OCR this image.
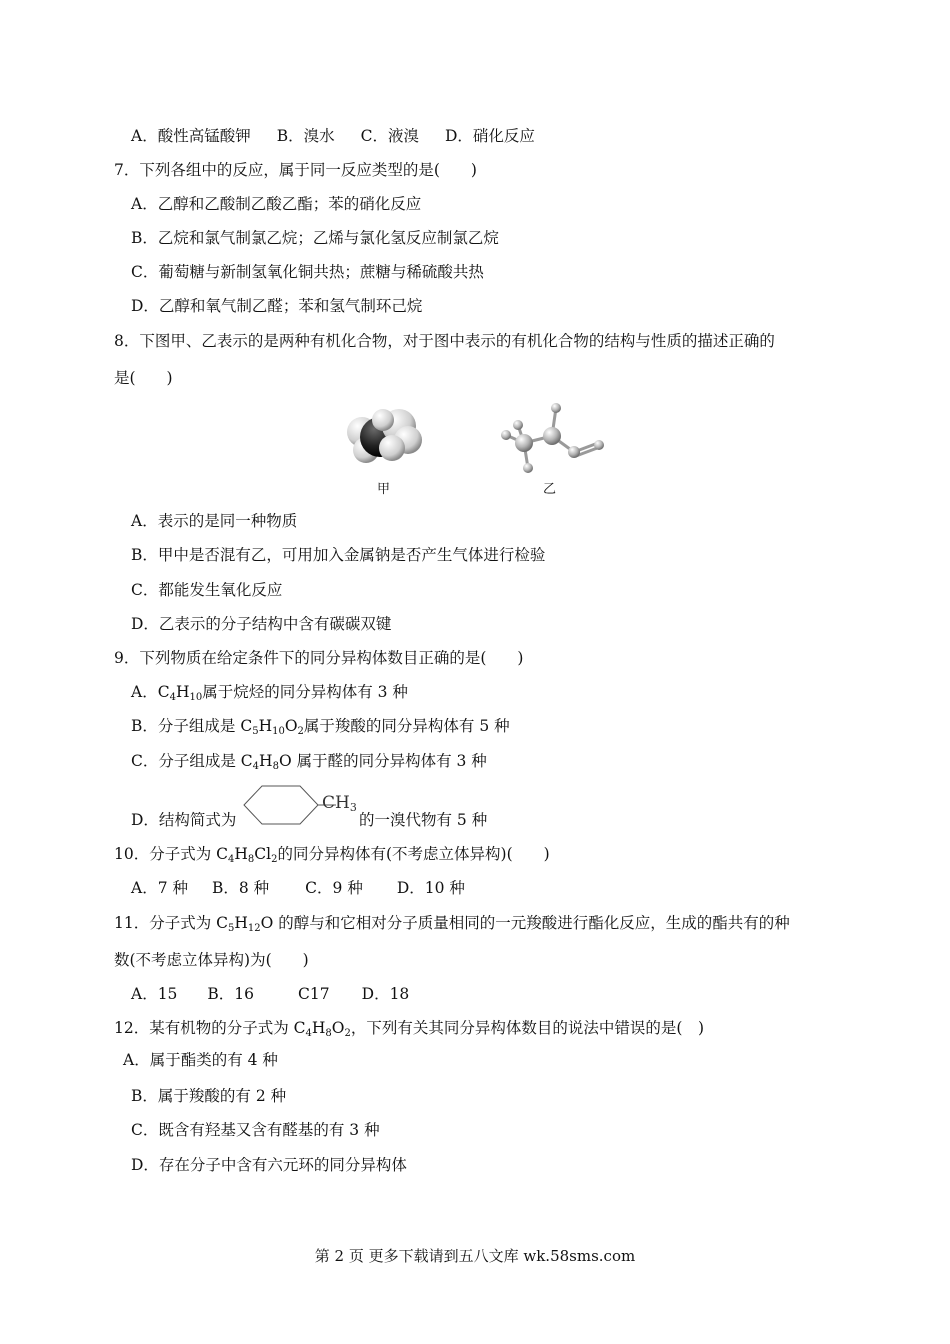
A．酸性高锰酸钾 B．溴水 C．液溴 D．硝化反应
7．下列各组中的反应，属于同一反应类型的是(　　)
A．乙醇和乙酸制乙酸乙酯；苯的硝化反应
B．乙烷和氯气制氯乙烷；乙烯与氯化氢反应制氯乙烷
C．葡萄糖与新制氢氧化铜共热；蔗糖与稀硫酸共热
D．乙醇和氧气制乙醛；苯和氢气制环己烷
8．下图甲、乙表示的是两种有机化合物，对于图中表示的有机化合物的结构与性质的描述正确的
是(　　)
甲	乙
A．表示的是同一种物质
B．甲中是否混有乙，可用加入金属钠是否产生气体进行检验
C．都能发生氧化反应
D．乙表示的分子结构中含有碳碳双键
9．下列物质在给定条件下的同分异构体数目正确的是(　　)
A．$C_4H_{10}$属于烷烃的同分异构体有 3 种
B．分子组成是 $C_5H_{10}O_2$属于羧酸的同分异构体有 5 种
C．分子组成是 $C_4H_8O$ 属于醛的同分异构体有 3 种
D．结构简式为
$CH_3$
的一溴代物有 5 种
10．分子式为 $C_4H_8Cl_2$的同分异构体有(不考虑立体异构)(　　)
A．7 种 B．8 种 C．9 种 D．10 种
11．分子式为 $C_5H_{12}O$ 的醇与和它相对分子质量相同的一元羧酸进行酯化反应，生成的酯共有的种
数(不考虑立体异构)为(　　)
A．15 B．16	C17 D．18
12．某有机物的分子式为 $C_4H_8O_2$，下列有关其同分异构体数目的说法中错误的是(　)
A．属于酯类的有 4 种
B．属于羧酸的有 2 种
C．既含有羟基又含有醛基的有 3 种
D．存在分子中含有六元环的同分异构体
第 2 页 更多下载请到五八文库 wk.58sms.com
